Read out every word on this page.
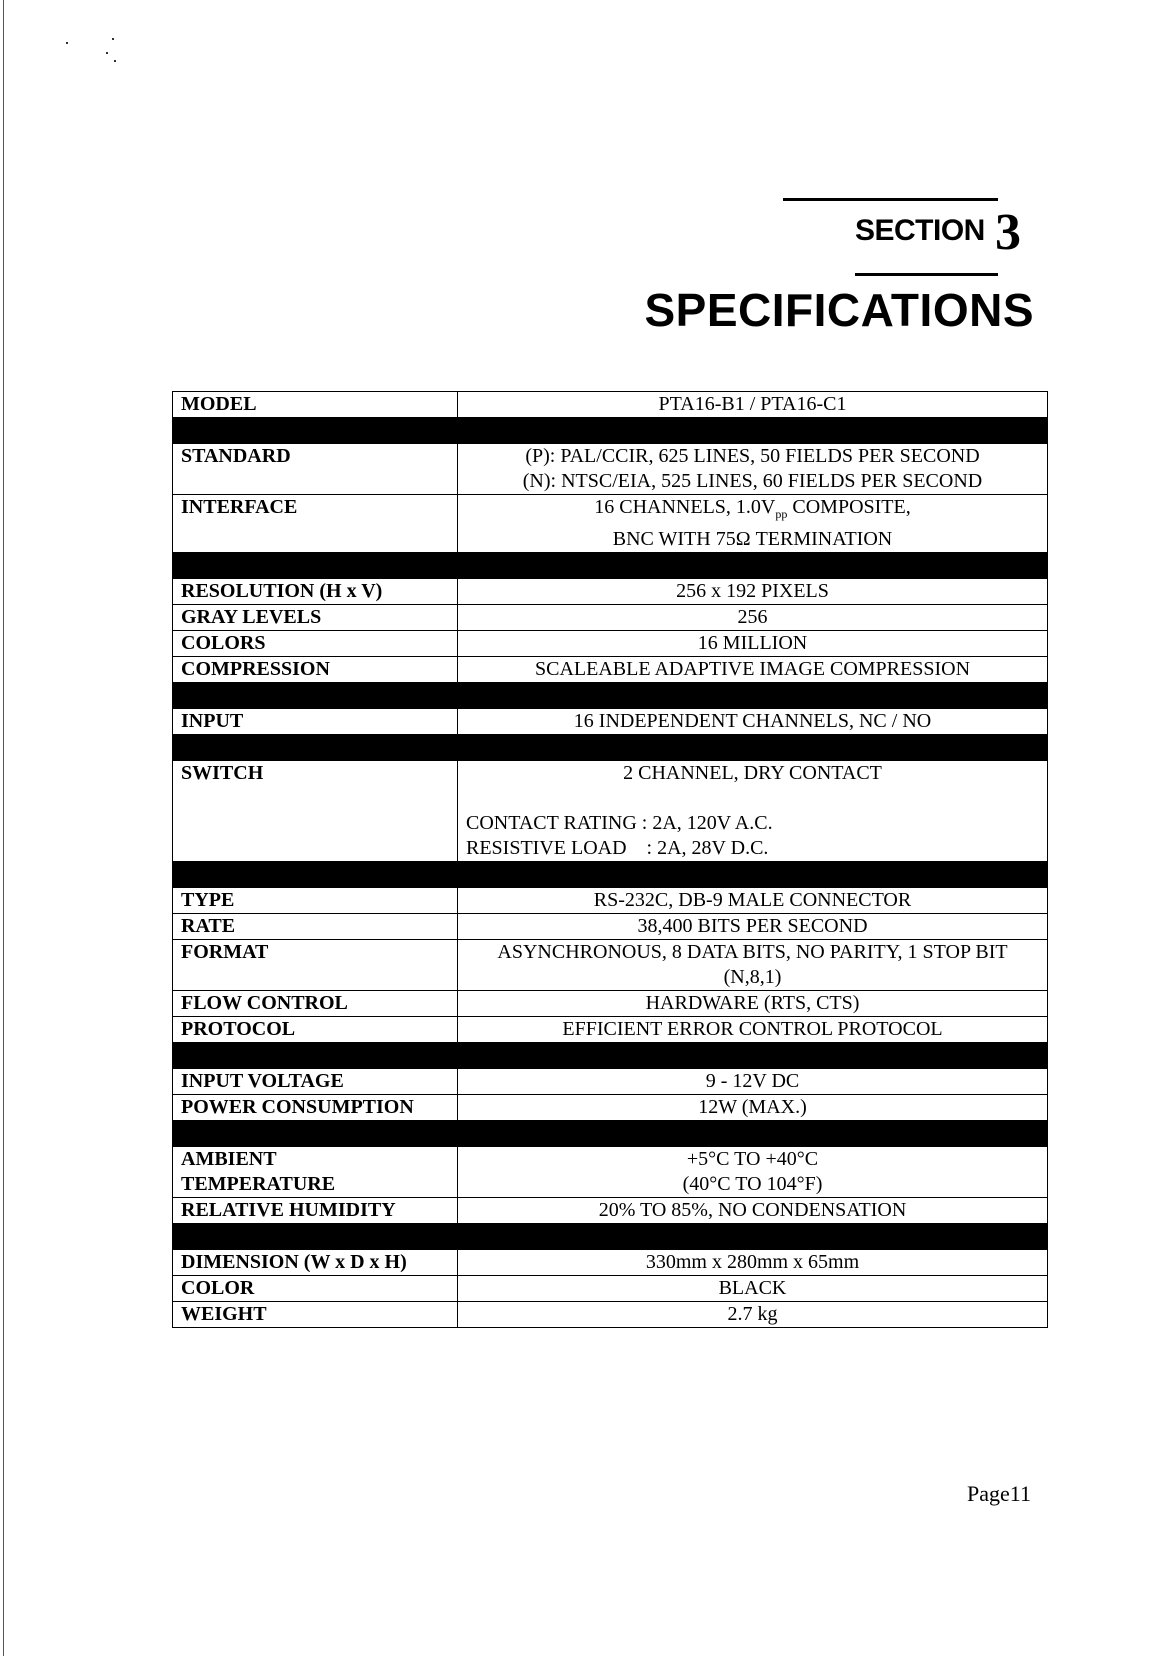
SECTION 3
SPECIFICATIONS
MODEL	PTA16-B1 / PTA16-C1

STANDARD	(P): PAL/CCIR, 625 LINES, 50 FIELDS PER SECOND
(N): NTSC/EIA, 525 LINES, 60 FIELDS PER SECOND

INTERFACE	16 CHANNELS, $1.0V_{pp}$ COMPOSITE,
BNC WITH 75Ω TERMINATION

RESOLUTION (H x V)	256 x 192 PIXELS
GRAY LEVELS	256
COLORS	16 MILLION
COMPRESSION	SCALEABLE ADAPTIVE IMAGE COMPRESSION

INPUT	16 INDEPENDENT CHANNELS, NC / NO

SWITCH	2 CHANNEL, DRY CONTACT
CONTACT RATING : 2A, 120V A.C.
RESISTIVE LOAD    : 2A, 28V D.C.

TYPE	RS-232C, DB-9 MALE CONNECTOR
RATE	38,400 BITS PER SECOND
FORMAT	ASYNCHRONOUS, 8 DATA BITS, NO PARITY, 1 STOP BIT
(N,8,1)

FLOW CONTROL	HARDWARE (RTS, CTS)
PROTOCOL	EFFICIENT ERROR CONTROL PROTOCOL

INPUT VOLTAGE	9 - 12V DC
POWER CONSUMPTION	12W (MAX.)

AMBIENT
TEMPERATURE	+5°C TO +40°C
(40°C TO 104°F)

RELATIVE HUMIDITY	20% TO 85%, NO CONDENSATION

DIMENSION (W x D x H)	330mm x 280mm x 65mm
COLOR	BLACK
WEIGHT	2.7 kg
Page11
